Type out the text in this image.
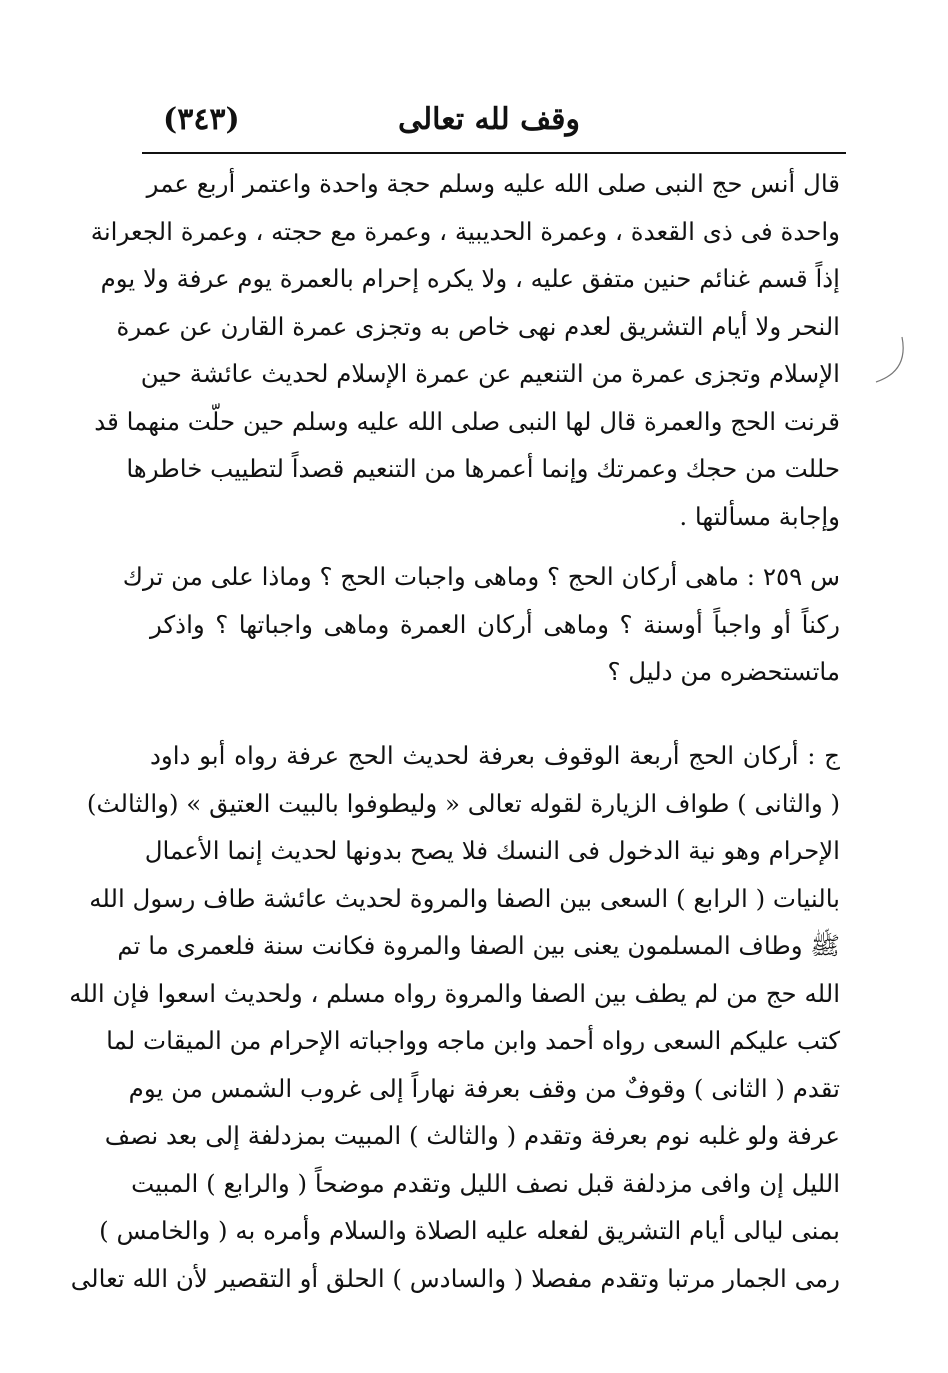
وقف لله تعالى
(٣٤٣)
قال أنس حج النبى صلى الله عليه وسلم حجة واحدة واعتمر أربع عمر
واحدة فى ذى القعدة ، وعمرة الحديبية ، وعمرة مع حجته ، وعمرة الجعرانة
إذاً قسم غنائم حنين متفق عليه ، ولا يكره إحرام بالعمرة يوم عرفة ولا يوم
النحر ولا أيام التشريق لعدم نهى خاص به وتجزى عمرة القارن عن عمرة
الإسلام وتجزى عمرة من التنعيم عن عمرة الإسلام لحديث عائشة حين
قرنت الحج والعمرة قال لها النبى صلى الله عليه وسلم حين حلّت منهما قد
حللت من حجك وعمرتك وإنما أعمرها من التنعيم قصداً لتطييب خاطرها
وإجابة مسألتها .
س ٢٥٩ : ماهى أركان الحج ؟ وماهى واجبات الحج ؟ وماذا على من ترك
ركناً أو واجباً أوسنة ؟ وماهى أركان العمرة وماهى واجباتها ؟ واذكر
ماتستحضره من دليل ؟
ج : أركان الحج أربعة الوقوف بعرفة لحديث الحج عرفة رواه أبو داود
( والثانى ) طواف الزيارة لقوله تعالى « وليطوفوا بالبيت العتيق » (والثالث)
الإحرام وهو نية الدخول فى النسك فلا يصح بدونها لحديث إنما الأعمال
بالنيات ( الرابع ) السعى بين الصفا والمروة لحديث عائشة طاف رسول الله
ﷺ وطاف المسلمون يعنى بين الصفا والمروة فكانت سنة فلعمرى ما تم
الله حج من لم يطف بين الصفا والمروة رواه مسلم ، ولحديث اسعوا فإن الله
كتب عليكم السعى رواه أحمد وابن ماجه وواجباته الإحرام من الميقات لما
تقدم ( الثانى ) وقوفٌ من وقف بعرفة نهاراً إلى غروب الشمس من يوم
عرفة ولو غلبه نوم بعرفة وتقدم ( والثالث ) المبيت بمزدلفة إلى بعد نصف
الليل إن وافى مزدلفة قبل نصف الليل وتقدم موضحاً ( والرابع ) المبيت
بمنى ليالى أيام التشريق لفعله عليه الصلاة والسلام وأمره به ( والخامس )
رمى الجمار مرتبا وتقدم مفصلا ( والسادس ) الحلق أو التقصير لأن الله تعالى
